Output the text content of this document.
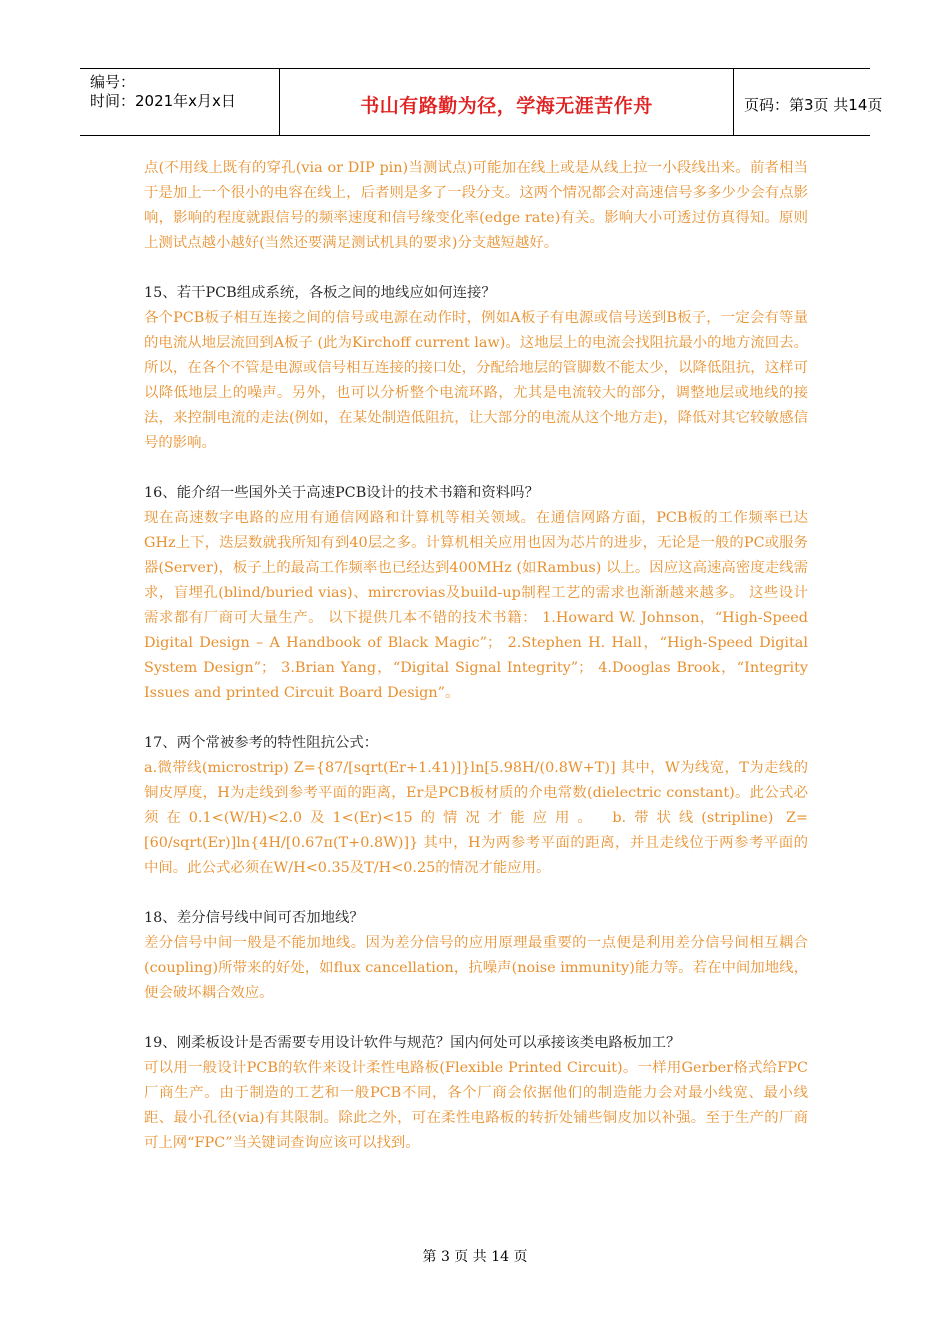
编号：
时间：2021年x月x日	书山有路勤为径，学海无涯苦作舟	页码：第3页 共14页

点(不用线上既有的穿孔(via or DIP pin)当测试点)可能加在线上或是从线上拉一小段线出来。前者相当于是加上一个很小的电容在线上，后者则是多了一段分支。这两个情况都会对高速信号多多少少会有点影响，影响的程度就跟信号的频率速度和信号缘变化率(edge rate)有关。影响大小可透过仿真得知。原则上测试点越小越好(当然还要满足测试机具的要求)分支越短越好。

15、若干PCB组成系统，各板之间的地线应如何连接？

各个PCB板子相互连接之间的信号或电源在动作时，例如A板子有电源或信号送到B板子，一定会有等量的电流从地层流回到A板子 (此为Kirchoff current law)。这地层上的电流会找阻抗最小的地方流回去。所以，在各个不管是电源或信号相互连接的接口处，分配给地层的管脚数不能太少，以降低阻抗，这样可以降低地层上的噪声。另外，也可以分析整个电流环路，尤其是电流较大的部分，调整地层或地线的接法，来控制电流的走法(例如，在某处制造低阻抗，让大部分的电流从这个地方走)，降低对其它较敏感信号的影响。

16、能介绍一些国外关于高速PCB设计的技术书籍和资料吗？

现在高速数字电路的应用有通信网路和计算机等相关领域。在通信网路方面，PCB板的工作频率已达GHz上下，迭层数就我所知有到40层之多。计算机相关应用也因为芯片的进步，无论是一般的PC或服务器(Server)，板子上的最高工作频率也已经达到400MHz (如Rambus) 以上。因应这高速高密度走线需求，盲埋孔(blind/buried vias)、mircrovias及build-up制程工艺的需求也渐渐越来越多。 这些设计需求都有厂商可大量生产。 以下提供几本不错的技术书籍： 1.Howard W. Johnson，“High-Speed Digital Design – A Handbook of Black Magic”； 2.Stephen H. Hall，“High-Speed Digital System Design”； 3.Brian Yang，“Digital Signal Integrity”； 4.Dooglas Brook，“Integrity Issues and printed Circuit Board Design”。

17、两个常被参考的特性阻抗公式：

a.微带线(microstrip) Z={87/[sqrt(Er+1.41)]}ln[5.98H/(0.8W+T)] 其中，W为线宽，T为走线的铜皮厚度，H为走线到参考平面的距离，Er是PCB板材质的介电常数(dielectric constant)。此公式必须在0.1<(W/H)<2.0及1<(Er)<15的情况才能应用。 b.带状线(stripline) Z=[60/sqrt(Er)]ln{4H/[0.67π(T+0.8W)]} 其中，H为两参考平面的距离，并且走线位于两参考平面的中间。此公式必须在W/H<0.35及T/H<0.25的情况才能应用。

18、差分信号线中间可否加地线？

差分信号中间一般是不能加地线。因为差分信号的应用原理最重要的一点便是利用差分信号间相互耦合(coupling)所带来的好处，如flux cancellation，抗噪声(noise immunity)能力等。若在中间加地线，便会破坏耦合效应。

19、刚柔板设计是否需要专用设计软件与规范？国内何处可以承接该类电路板加工？

可以用一般设计PCB的软件来设计柔性电路板(Flexible Printed Circuit)。一样用Gerber格式给FPC厂商生产。由于制造的工艺和一般PCB不同，各个厂商会依据他们的制造能力会对最小线宽、最小线距、最小孔径(via)有其限制。除此之外，可在柔性电路板的转折处铺些铜皮加以补强。至于生产的厂商可上网“FPC”当关键词查询应该可以找到。

第 3 页 共 14 页
